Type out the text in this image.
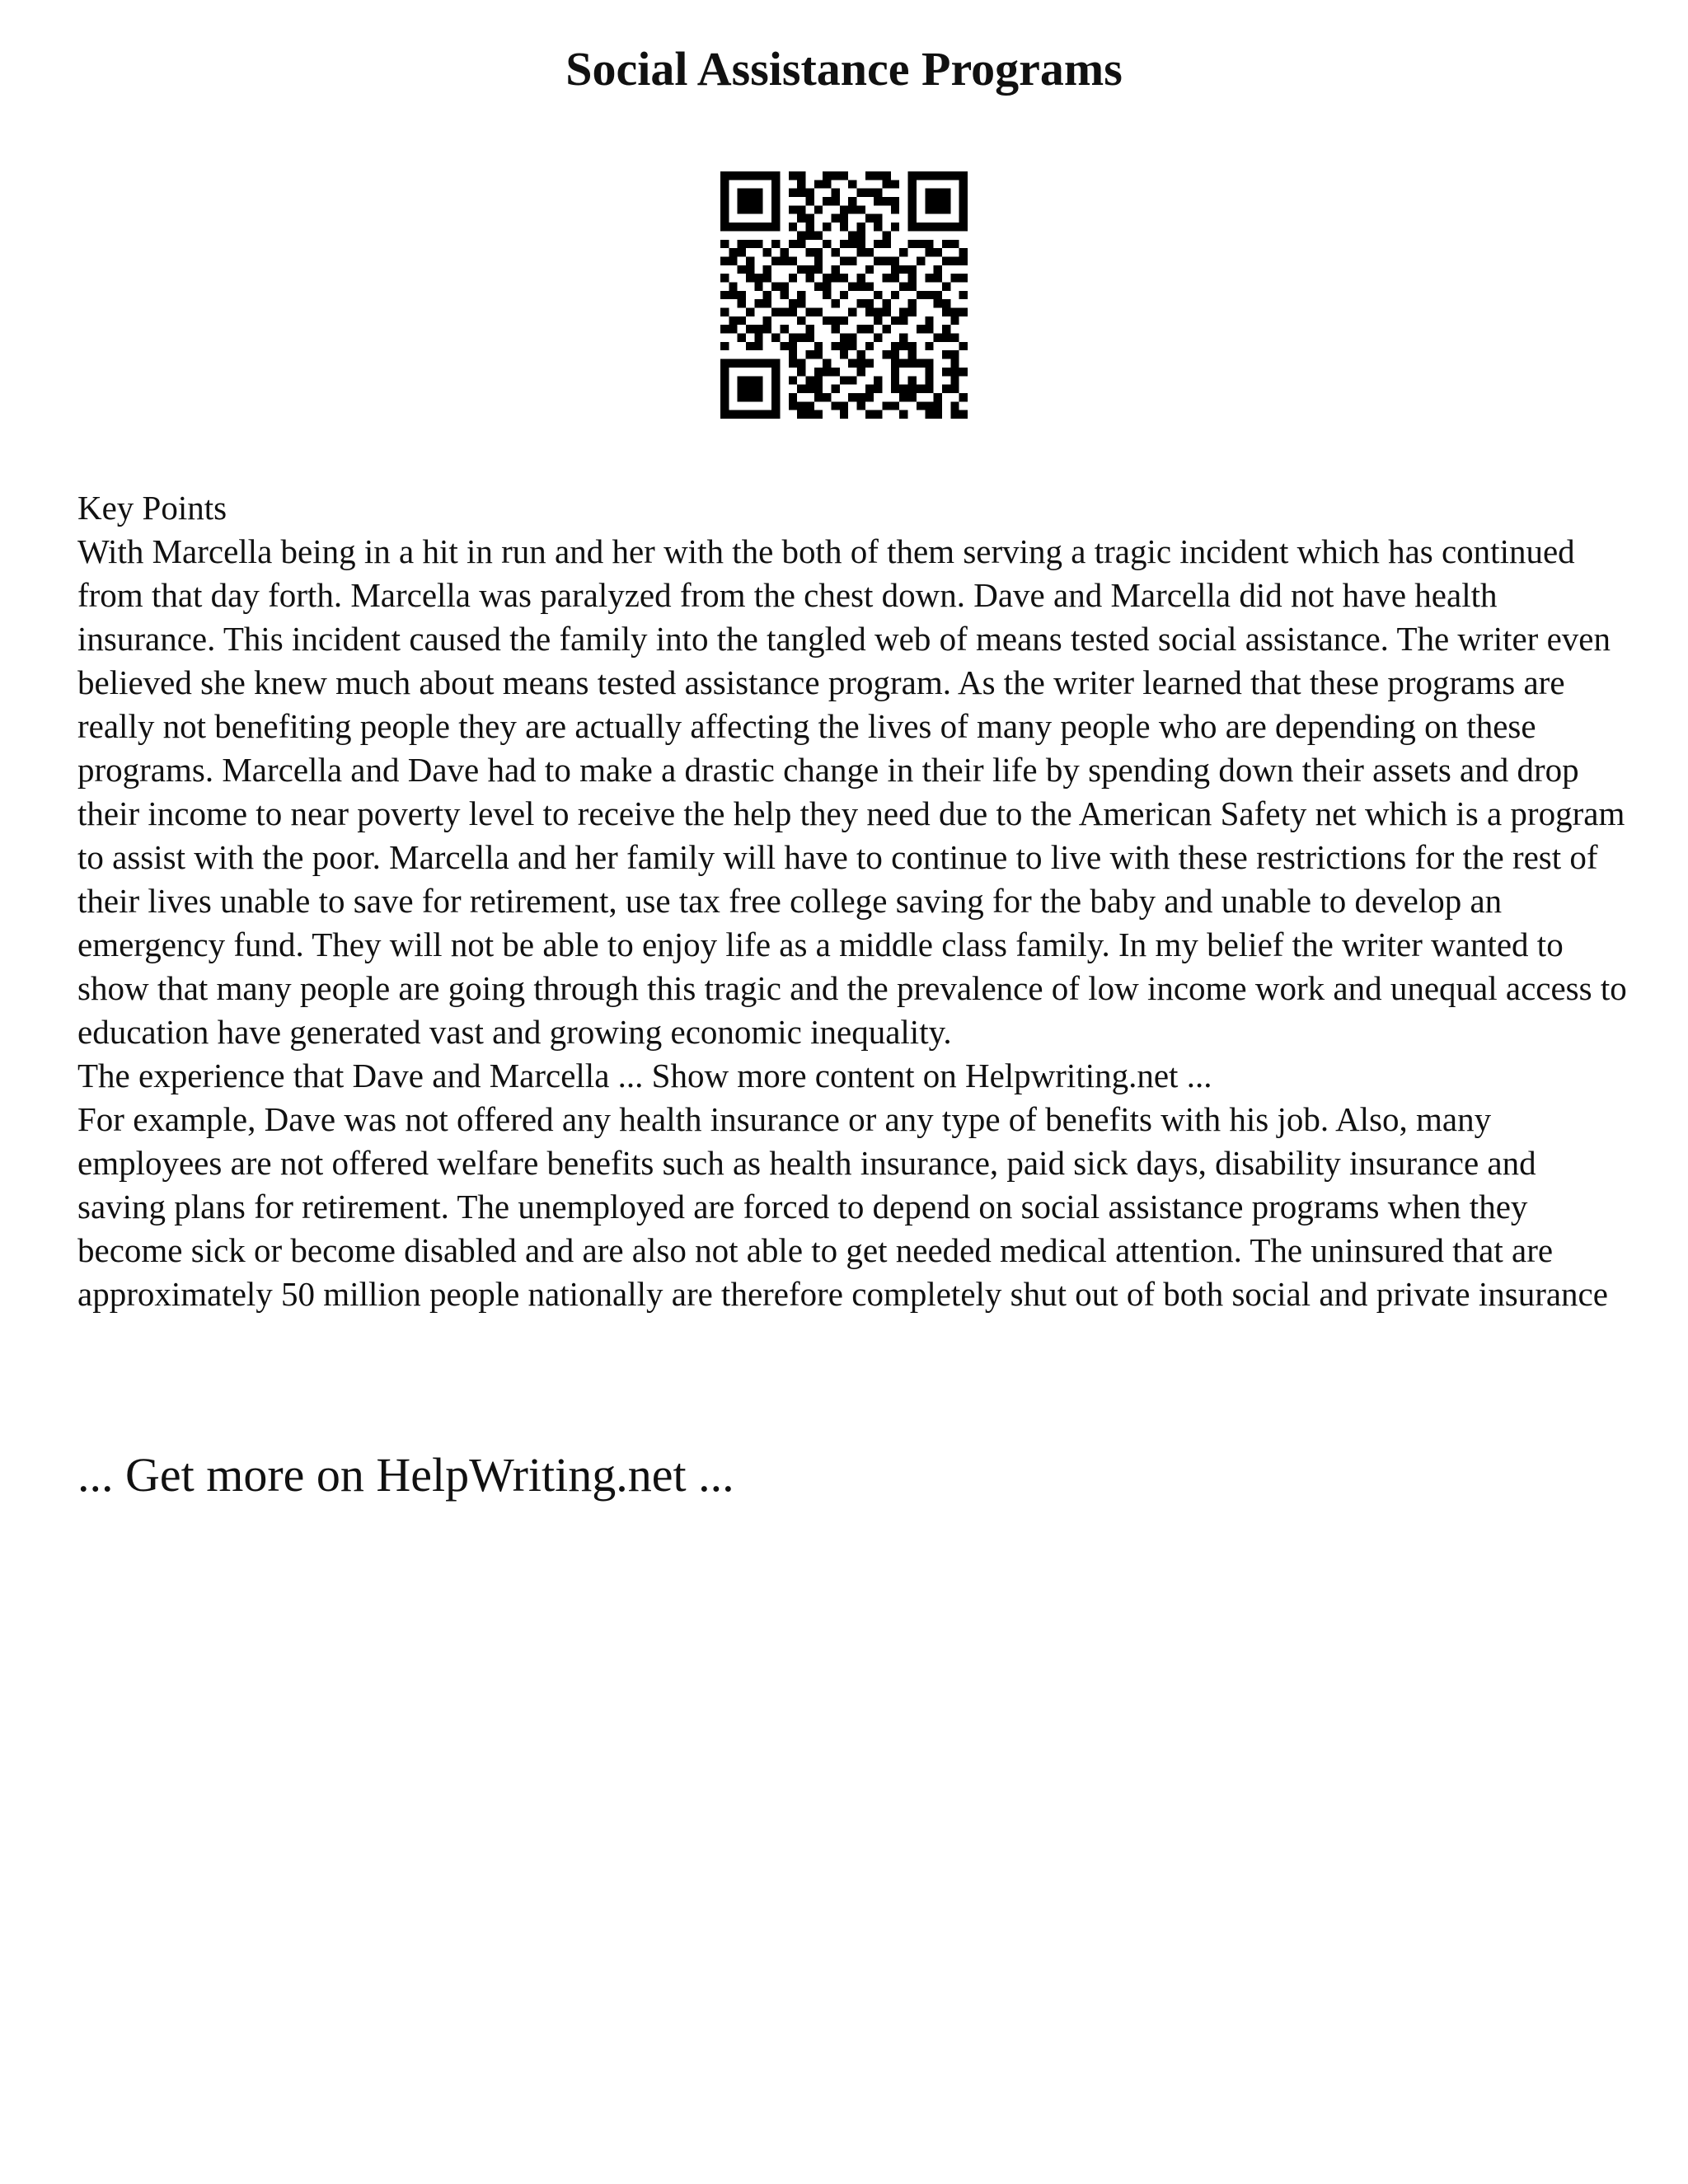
Social Assistance Programs

Key Points

With Marcella being in a hit in run and her with the both of them serving a tragic incident which has continued from that day forth. Marcella was paralyzed from the chest down. Dave and Marcella did not have health insurance. This incident caused the family into the tangled web of means tested social assistance. The writer even believed she knew much about means tested assistance program. As the writer learned that these programs are really not benefiting people they are actually affecting the lives of many people who are depending on these programs. Marcella and Dave had to make a drastic change in their life by spending down their assets and drop their income to near poverty level to receive the help they need due to the American Safety net which is a program to assist with the poor. Marcella and her family will have to continue to live with these restrictions for the rest of their lives unable to save for retirement, use tax free college saving for the baby and unable to develop an emergency fund. They will not be able to enjoy life as a middle class family. In my belief the writer wanted to show that many people are going through this tragic and the prevalence of low income work and unequal access to education have generated vast and growing economic inequality.

The experience that Dave and Marcella ... Show more content on Helpwriting.net ...

For example, Dave was not offered any health insurance or any type of benefits with his job. Also, many employees are not offered welfare benefits such as health insurance, paid sick days, disability insurance and saving plans for retirement. The unemployed are forced to depend on social assistance programs when they become sick or become disabled and are also not able to get needed medical attention. The uninsured that are approximately 50 million people nationally are therefore completely shut out of both social and private insurance

... Get more on HelpWriting.net ...
